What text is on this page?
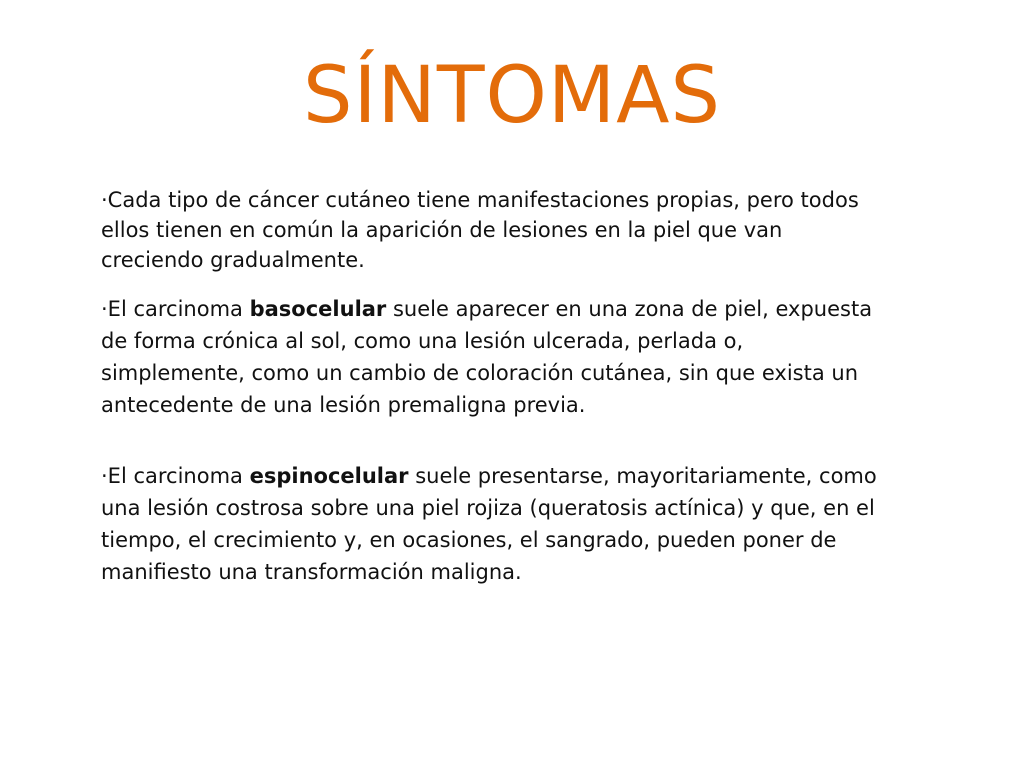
SÍNTOMAS
·Cada tipo de cáncer cutáneo tiene manifestaciones propias, pero todos
ellos tienen en común la aparición de lesiones en la piel que van
creciendo gradualmente.
·El carcinoma basocelular suele aparecer en una zona de piel, expuesta
de forma crónica al sol, como una lesión ulcerada, perlada o,
simplemente, como un cambio de coloración cutánea, sin que exista un
antecedente de una lesión premaligna previa.
·El carcinoma espinocelular suele presentarse, mayoritariamente, como
una lesión costrosa sobre una piel rojiza (queratosis actínica) y que, en el
tiempo, el crecimiento y, en ocasiones, el sangrado, pueden poner de
manifiesto una transformación maligna.
